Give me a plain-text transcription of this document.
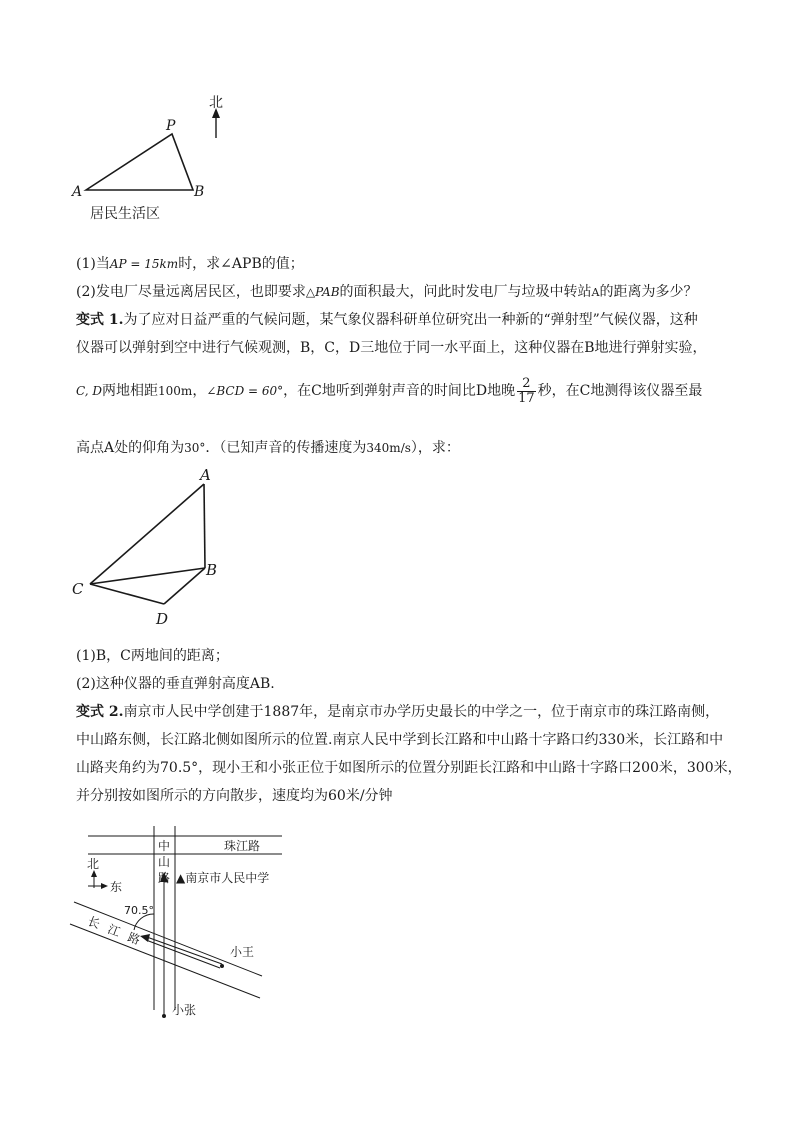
北
P
A	B
居民生活区
(1)当AP = 15km时，求∠APB的值；
(2)发电厂尽量远离居民区，也即要求△PAB的面积最大，问此时发电厂与垃圾中转站A的距离为多少？
变式 1.为了应对日益严重的气候问题，某气象仪器科研单位研究出一种新的“弹射型”气候仪器，这种
仪器可以弹射到空中进行气候观测，B，C，D三地位于同一水平面上，这种仪器在B地进行弹射实验，
C, D两地相距100m，∠BCD = 60°，在C地听到弹射声音的时间比D地晚 $\frac{2}{17}$ 秒，在C地测得该仪器至最
高点A处的仰角为30°．（已知声音的传播速度为340m/s），求：
A
B
C
D
(1)B，C两地间的距离；
(2)这种仪器的垂直弹射高度AB.
变式 2.南京市人民中学创建于1887年，是南京市办学历史最长的中学之一，位于南京市的珠江路南侧，
中山路东侧，长江路北侧如图所示的位置.南京人民中学到长江路和中山路十字路口约330米，长江路和中
山路夹角约为70.5°，现小王和小张正位于如图所示的位置分别距长江路和中山路十字路口200米，300米，
并分别按如图所示的方向散步，速度均为60米/分钟
北
东
中
山
路
珠江路
▲南京市人民中学
70.5°
长 江 路
小王
小张
